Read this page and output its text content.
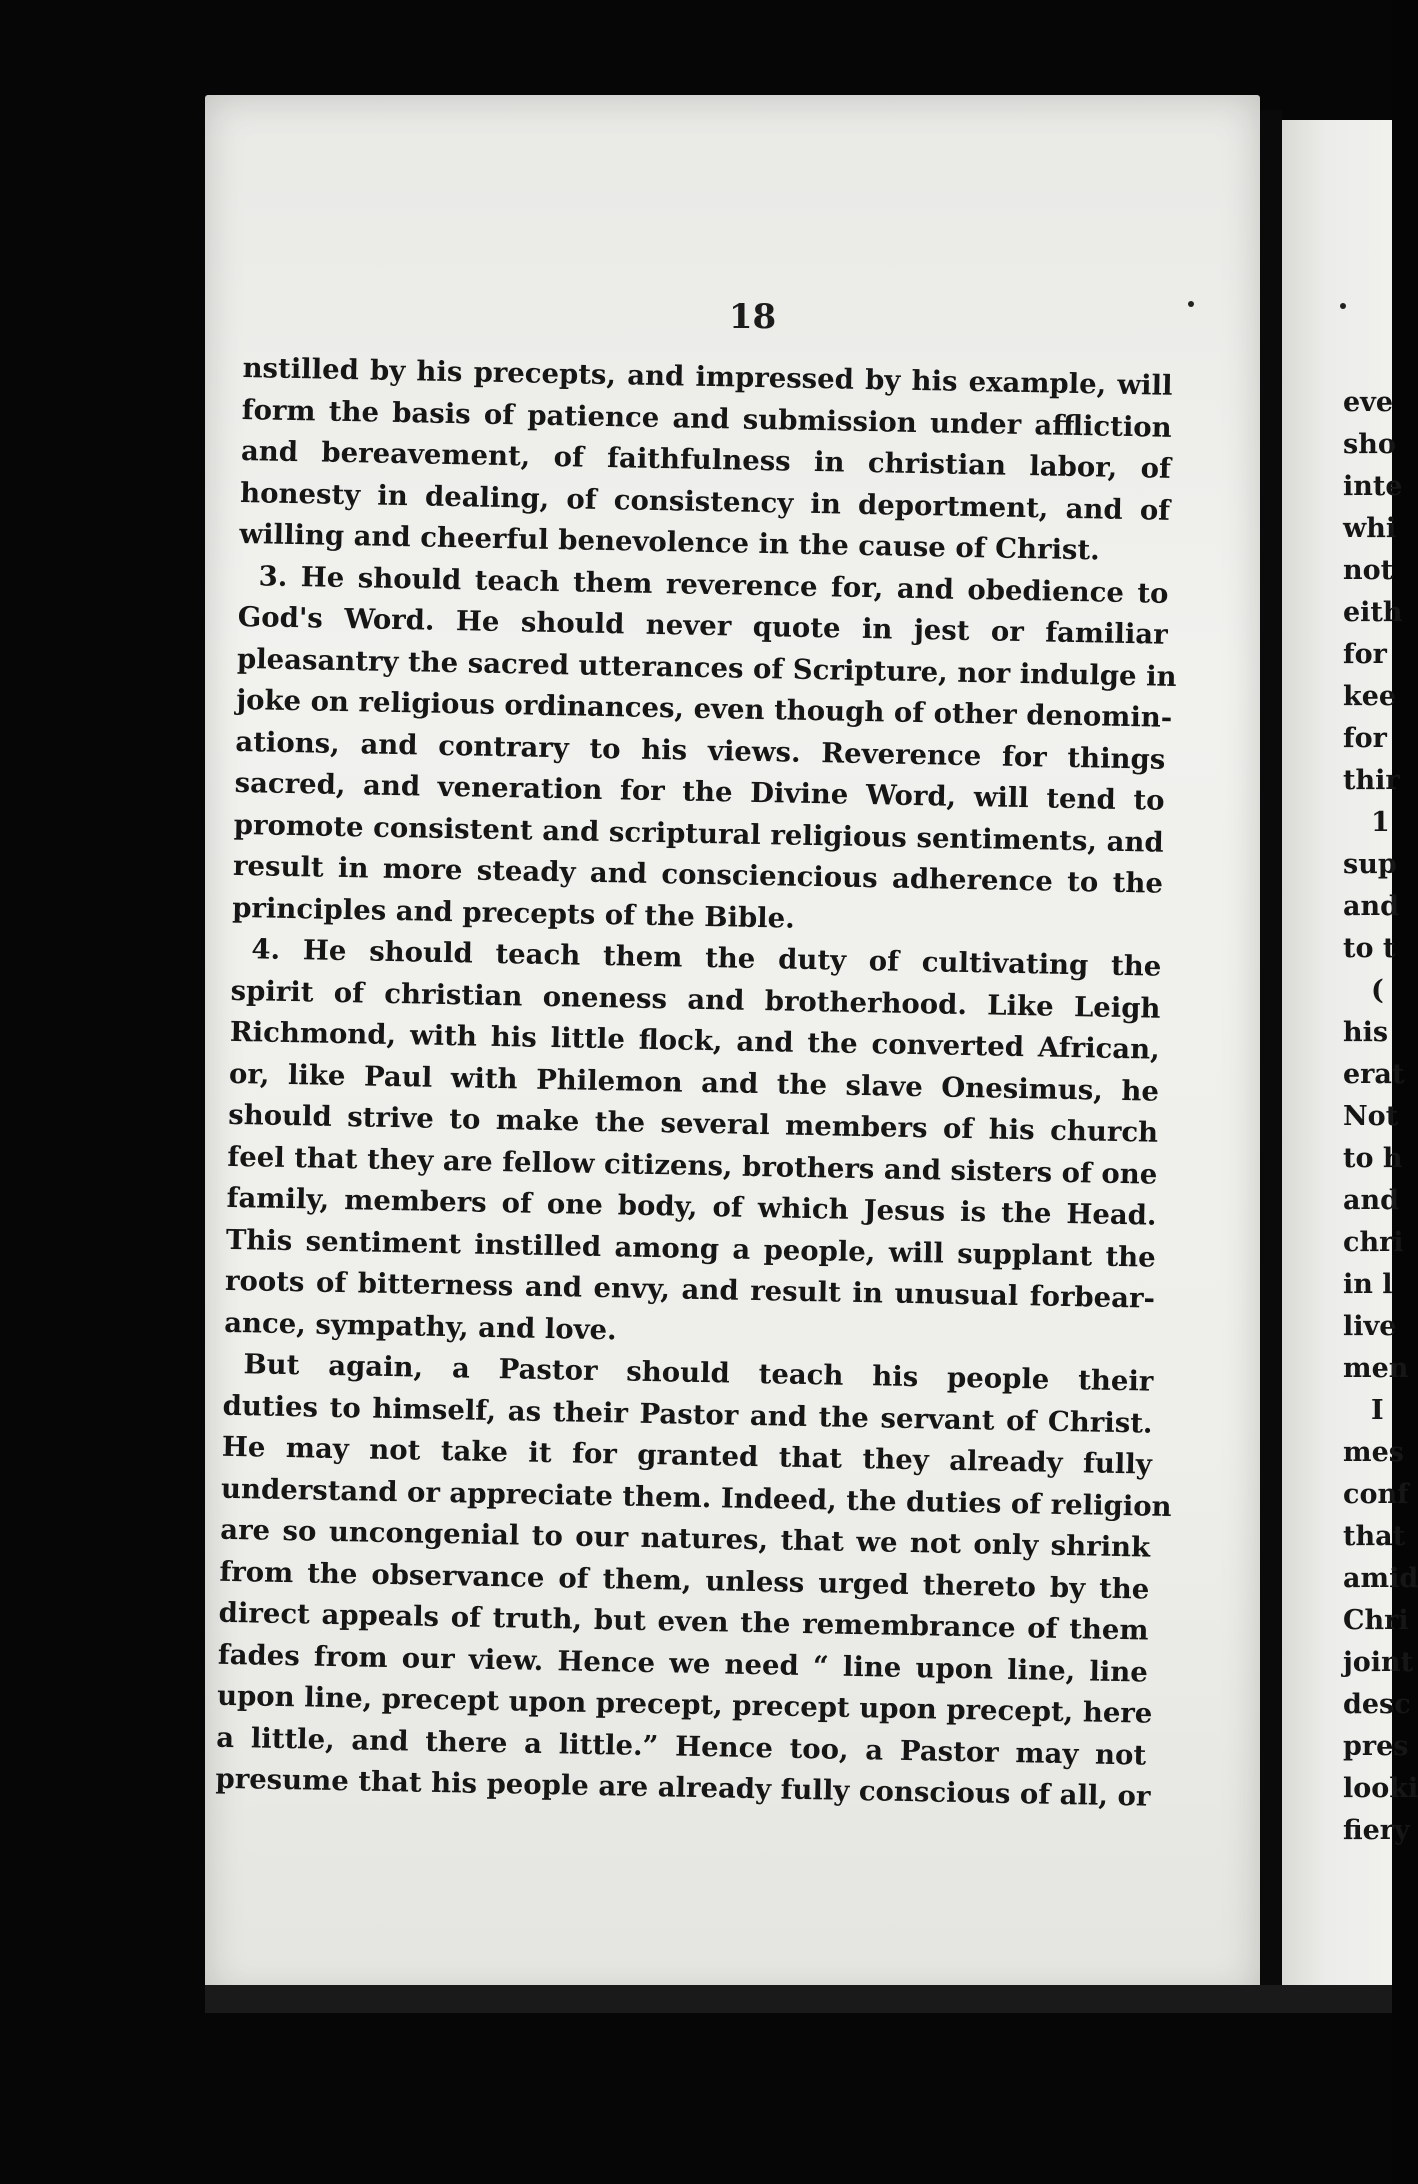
18
nstilled by his precepts, and impressed by his example, will
form the basis of patience and submission under affliction
and bereavement, of faithfulness in christian labor, of
honesty in dealing, of consistency in deportment, and of
willing and cheerful benevolence in the cause of Christ.
3. He should teach them reverence for, and obedience to
God's Word. He should never quote in jest or familiar
pleasantry the sacred utterances of Scripture, nor indulge in
joke on religious ordinances, even though of other denomin-
ations, and contrary to his views. Reverence for things
sacred, and veneration for the Divine Word, will tend to
promote consistent and scriptural religious sentiments, and
result in more steady and consciencious adherence to the
principles and precepts of the Bible.
4. He should teach them the duty of cultivating the
spirit of christian oneness and brotherhood. Like Leigh
Richmond, with his little flock, and the converted African,
or, like Paul with Philemon and the slave Onesimus, he
should strive to make the several members of his church
feel that they are fellow citizens, brothers and sisters of one
family, members of one body, of which Jesus is the Head.
This sentiment instilled among a people, will supplant the
roots of bitterness and envy, and result in unusual forbear-
ance, sympathy, and love.
But again, a Pastor should teach his people their
duties to himself, as their Pastor and the servant of Christ.
He may not take it for granted that they already fully
understand or appreciate them. Indeed, the duties of religion
are so uncongenial to our natures, that we not only shrink
from the observance of them, unless urged thereto by the
direct appeals of truth, but even the remembrance of them
fades from our view. Hence we need “ line upon line, line
upon line, precept upon precept, precept upon precept, here
a little, and there a little.” Hence too, a Pastor may not
presume that his people are already fully conscious of all, or
eve
sho
inte
whi
not
eith
for
kee
for
thir
1
sup
and
to t
(
his
erat
Not
to h
and
chri
in l
live
men
I
mes
conf
that
amid
Chri
joint
desc
pres
looki
fiery
